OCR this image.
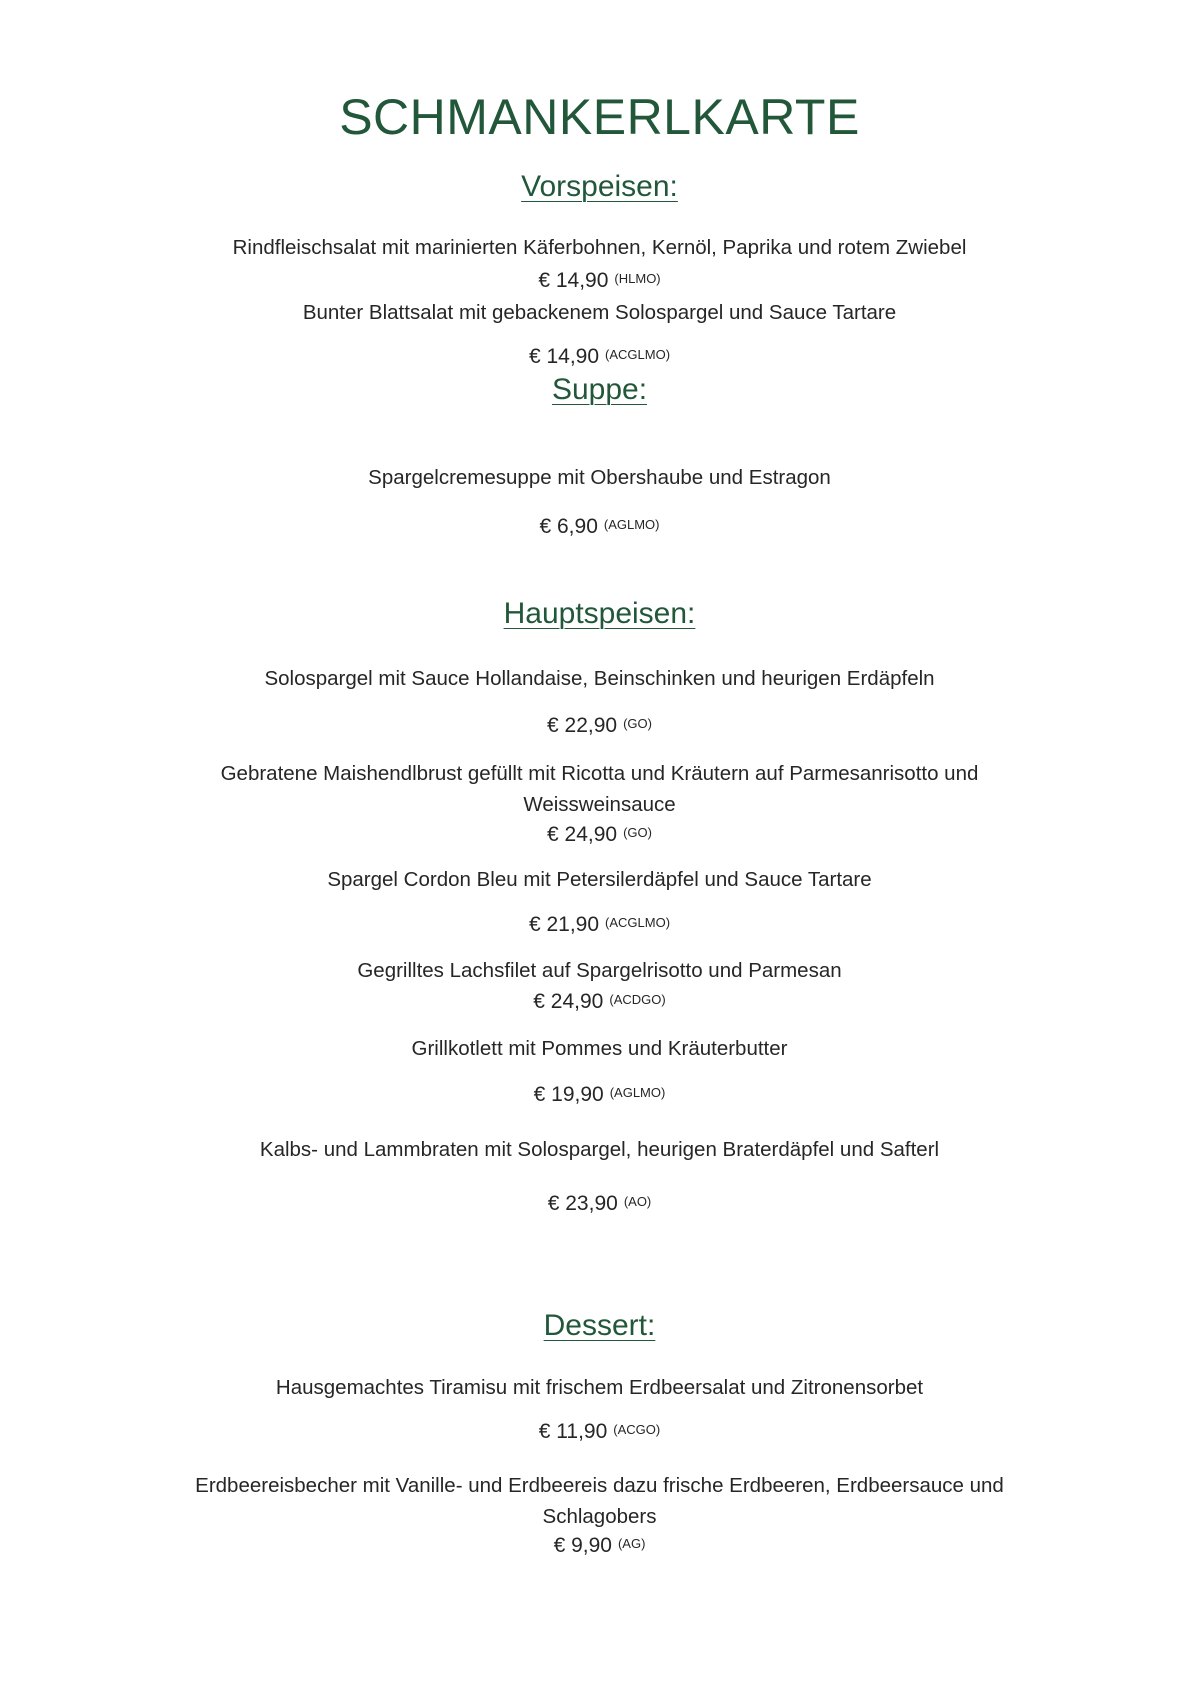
SCHMANKERLKARTE
Vorspeisen:
Rindfleischsalat mit marinierten Käferbohnen, Kernöl, Paprika und rotem Zwiebel
€ 14,90 (HLMO)
Bunter Blattsalat mit gebackenem Solospargel und Sauce Tartare
€ 14,90 (ACGLMO)
Suppe:
Spargelcremesuppe mit Obershaube und Estragon
€ 6,90 (AGLMO)
Hauptspeisen:
Solospargel mit Sauce Hollandaise, Beinschinken und heurigen Erdäpfeln
€ 22,90 (GO)
Gebratene Maishendlbrust gefüllt mit Ricotta und Kräutern auf Parmesanrisotto und
Weissweinsauce
€ 24,90 (GO)
Spargel Cordon Bleu mit Petersilerdäpfel und Sauce Tartare
€ 21,90 (ACGLMO)
Gegrilltes Lachsfilet auf Spargelrisotto und Parmesan
€ 24,90 (ACDGO)
Grillkotlett mit Pommes und Kräuterbutter
€ 19,90 (AGLMO)
Kalbs- und Lammbraten mit Solospargel, heurigen Braterdäpfel und Safterl
€ 23,90 (AO)
Dessert:
Hausgemachtes Tiramisu mit frischem Erdbeersalat und Zitronensorbet
€ 11,90 (ACGO)
Erdbeereisbecher mit Vanille- und Erdbeereis dazu frische Erdbeeren, Erdbeersauce und
Schlagobers
€ 9,90 (AG)
